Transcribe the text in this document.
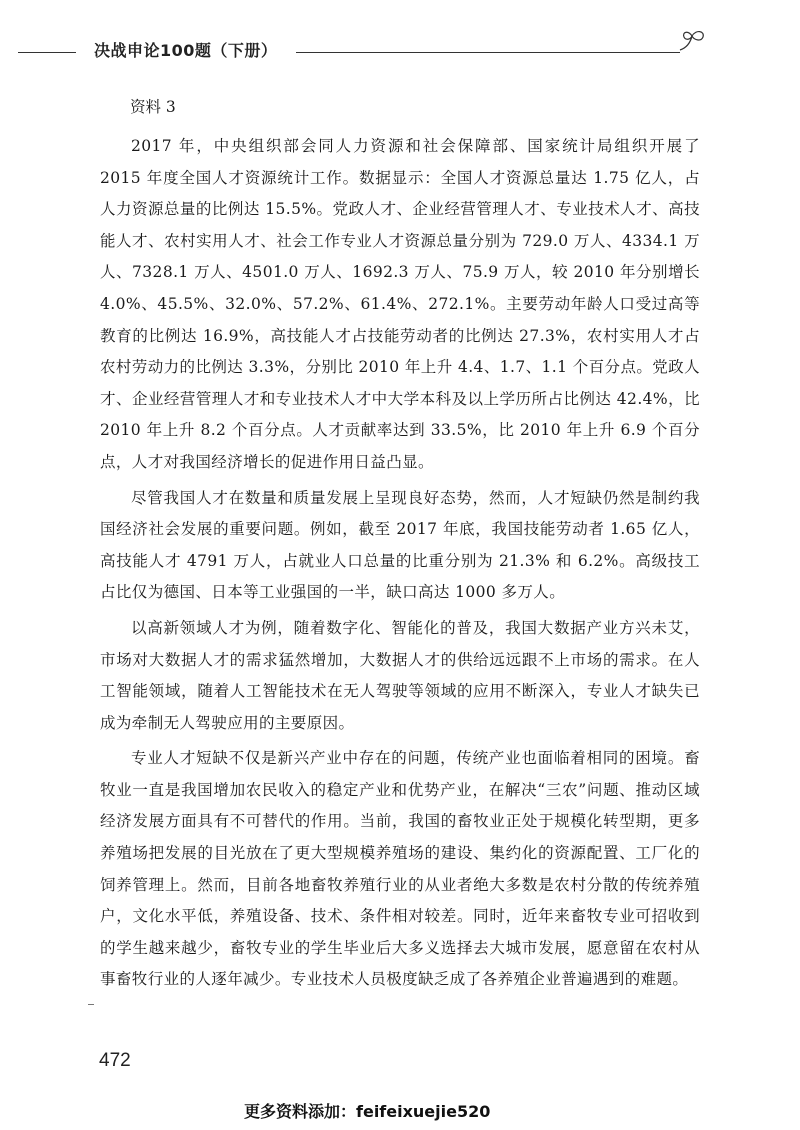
决战申论100题（下册）

资料 3

2017 年，中央组织部会同人力资源和社会保障部、国家统计局组织开展了 2015 年度全国人才资源统计工作。数据显示：全国人才资源总量达 1.75 亿人，占人力资源总量的比例达 15.5%。党政人才、企业经营管理人才、专业技术人才、高技能人才、农村实用人才、社会工作专业人才资源总量分别为 729.0 万人、4334.1 万人、7328.1 万人、4501.0 万人、1692.3 万人、75.9 万人，较 2010 年分别增长 4.0%、45.5%、32.0%、57.2%、61.4%、272.1%。主要劳动年龄人口受过高等教育的比例达 16.9%，高技能人才占技能劳动者的比例达 27.3%，农村实用人才占农村劳动力的比例达 3.3%，分别比 2010 年上升 4.4、1.7、1.1 个百分点。党政人才、企业经营管理人才和专业技术人才中大学本科及以上学历所占比例达 42.4%，比 2010 年上升 8.2 个百分点。人才贡献率达到 33.5%，比 2010 年上升 6.9 个百分点，人才对我国经济增长的促进作用日益凸显。

尽管我国人才在数量和质量发展上呈现良好态势，然而，人才短缺仍然是制约我国经济社会发展的重要问题。例如，截至 2017 年底，我国技能劳动者 1.65 亿人，高技能人才 4791 万人，占就业人口总量的比重分别为 21.3% 和 6.2%。高级技工占比仅为德国、日本等工业强国的一半，缺口高达 1000 多万人。

以高新领域人才为例，随着数字化、智能化的普及，我国大数据产业方兴未艾，市场对大数据人才的需求猛然增加，大数据人才的供给远远跟不上市场的需求。在人工智能领域，随着人工智能技术在无人驾驶等领域的应用不断深入，专业人才缺失已成为牵制无人驾驶应用的主要原因。

专业人才短缺不仅是新兴产业中存在的问题，传统产业也面临着相同的困境。畜牧业一直是我国增加农民收入的稳定产业和优势产业，在解决“三农”问题、推动区域经济发展方面具有不可替代的作用。当前，我国的畜牧业正处于规模化转型期，更多养殖场把发展的目光放在了更大型规模养殖场的建设、集约化的资源配置、工厂化的饲养管理上。然而，目前各地畜牧养殖行业的从业者绝大多数是农村分散的传统养殖户，文化水平低，养殖设备、技术、条件相对较差。同时，近年来畜牧专业可招收到的学生越来越少，畜牧专业的学生毕业后大多义选择去大城市发展，愿意留在农村从事畜牧行业的人逐年减少。专业技术人员极度缺乏成了各养殖企业普遍遇到的难题。

472
更多资料添加：feifeixuejie520
